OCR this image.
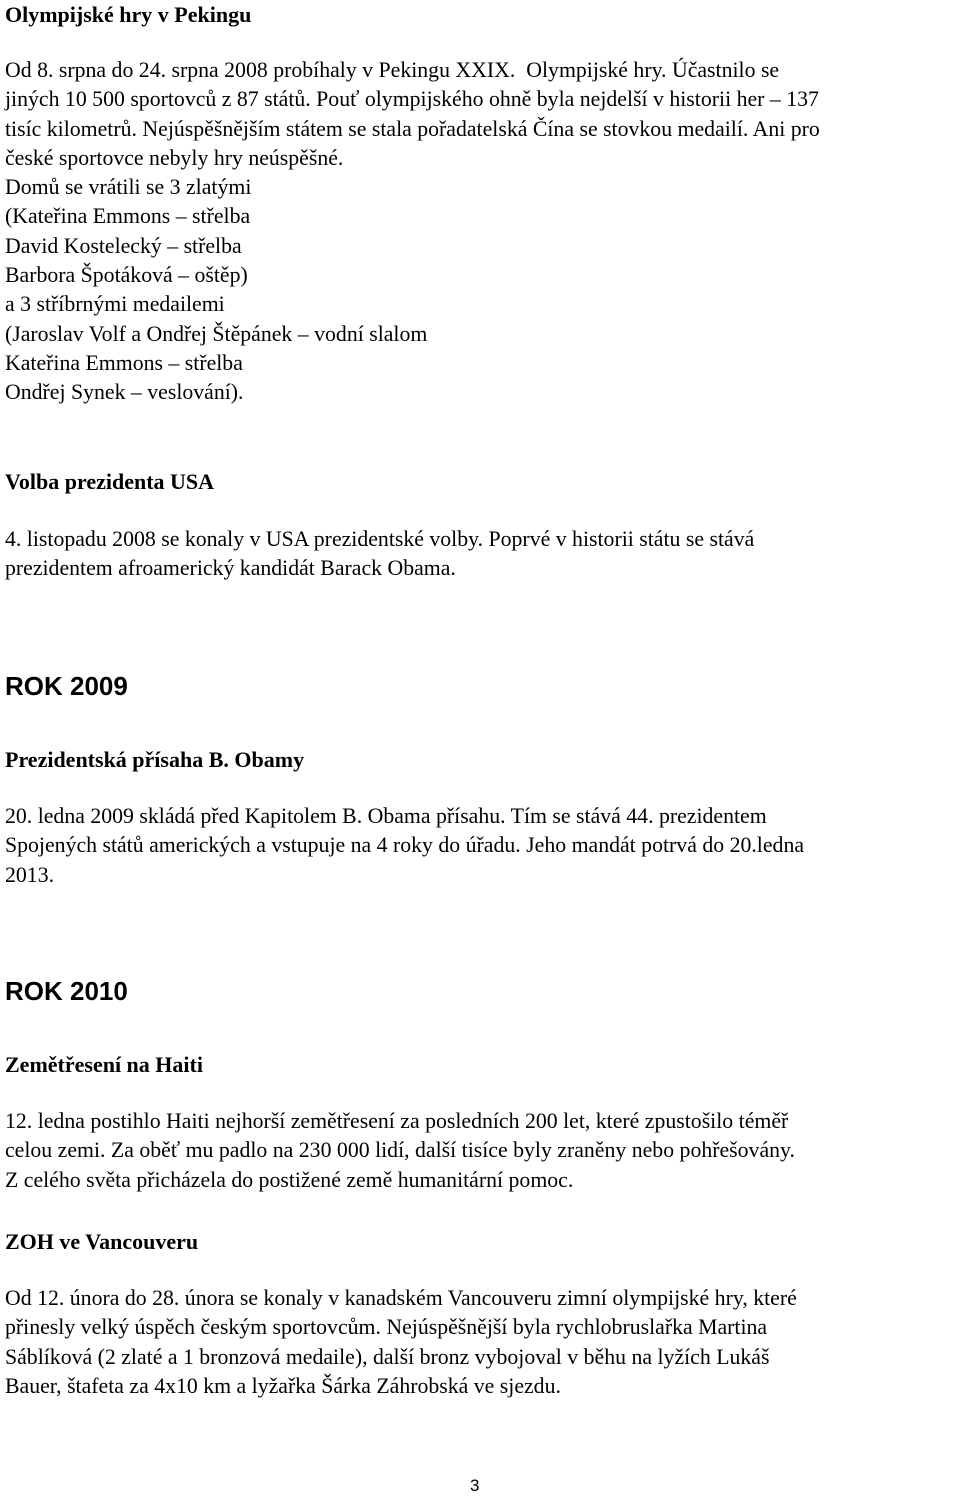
Olympijské hry v Pekingu
Od 8. srpna do 24. srpna 2008 probíhaly v Pekingu XXIX.  Olympijské hry. Účastnilo se
jiných 10 500 sportovců z 87 států. Pouť olympijského ohně byla nejdelší v historii her – 137
tisíc kilometrů. Nejúspěšnějším státem se stala pořadatelská Čína se stovkou medailí. Ani pro
české sportovce nebyly hry neúspěšné.
Domů se vrátili se 3 zlatými
(Kateřina Emmons – střelba
David Kostelecký – střelba
Barbora Špotáková – oštěp)
a 3 stříbrnými medailemi
(Jaroslav Volf a Ondřej Štěpánek – vodní slalom
Kateřina Emmons – střelba
Ondřej Synek – veslování).
Volba prezidenta USA
4. listopadu 2008 se konaly v USA prezidentské volby. Poprvé v historii státu se stává
prezidentem afroamerický kandidát Barack Obama.
ROK 2009
Prezidentská přísaha B. Obamy
20. ledna 2009 skládá před Kapitolem B. Obama přísahu. Tím se stává 44. prezidentem
Spojených států amerických a vstupuje na 4 roky do úřadu. Jeho mandát potrvá do 20.ledna
2013.
ROK 2010
Zemětřesení na Haiti
12. ledna postihlo Haiti nejhorší zemětřesení za posledních 200 let, které zpustošilo téměř
celou zemi. Za oběť mu padlo na 230 000 lidí, další tisíce byly zraněny nebo pohřešovány.
Z celého světa přicházela do postižené země humanitární pomoc.
ZOH ve Vancouveru
Od 12. února do 28. února se konaly v kanadském Vancouveru zimní olympijské hry, které
přinesly velký úspěch českým sportovcům. Nejúspěšnější byla rychlobruslařka Martina
Sáblíková (2 zlaté a 1 bronzová medaile), další bronz vybojoval v běhu na lyžích Lukáš
Bauer, štafeta za 4x10 km a lyžařka Šárka Záhrobská ve sjezdu.
3
